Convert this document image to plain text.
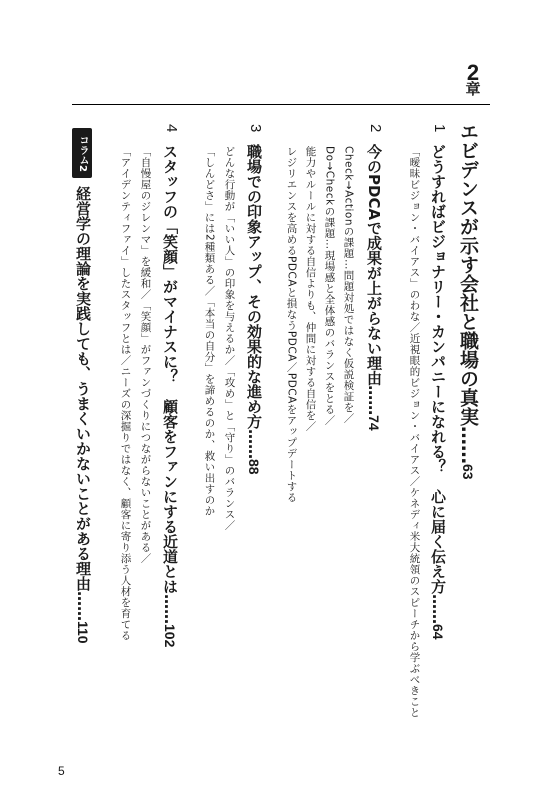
2
章
エビデンスが示す会社と職場の真実……63
1
どうすればビジョナリー・カンパニーになれる？　心に届く伝え方……64
「曖昧ビジョン・バイアス」のわな／近視眼的ビジョン・バイアス／ケネディ米大統領のスピーチから学ぶべきこと
2
今のPDCAで成果が上がらない理由……74
Check→Actionの課題…問題対処ではなく仮説検証を／
Do→Checkの課題…現場感と全体感のバランスをとる／
能力やルールに対する自信よりも、仲間に対する自信を／
レジリエンスを高めるPDCAと損なうPDCA／PDCAをアップデートする
3
職場での印象アップ、その効果的な進め方……88
どんな行動が「いい人」の印象を与えるか／「攻め」と「守り」のバランス／
「しんどさ」には2種類ある／「本当の自分」を諦めるのか、救い出すのか
4
スタッフの「笑顔」がマイナスに？　顧客をファンにする近道とは……102
「自慢屋のジレンマ」を緩和／「笑顔」がファンづくりにつながらないことがある／
「アイデンティファイ」したスタッフとは／ニーズの深掘りではなく、顧客に寄り添う人材を育てる
コラム2
経営学の理論を実践しても、うまくいかないことがある理由……110
5
